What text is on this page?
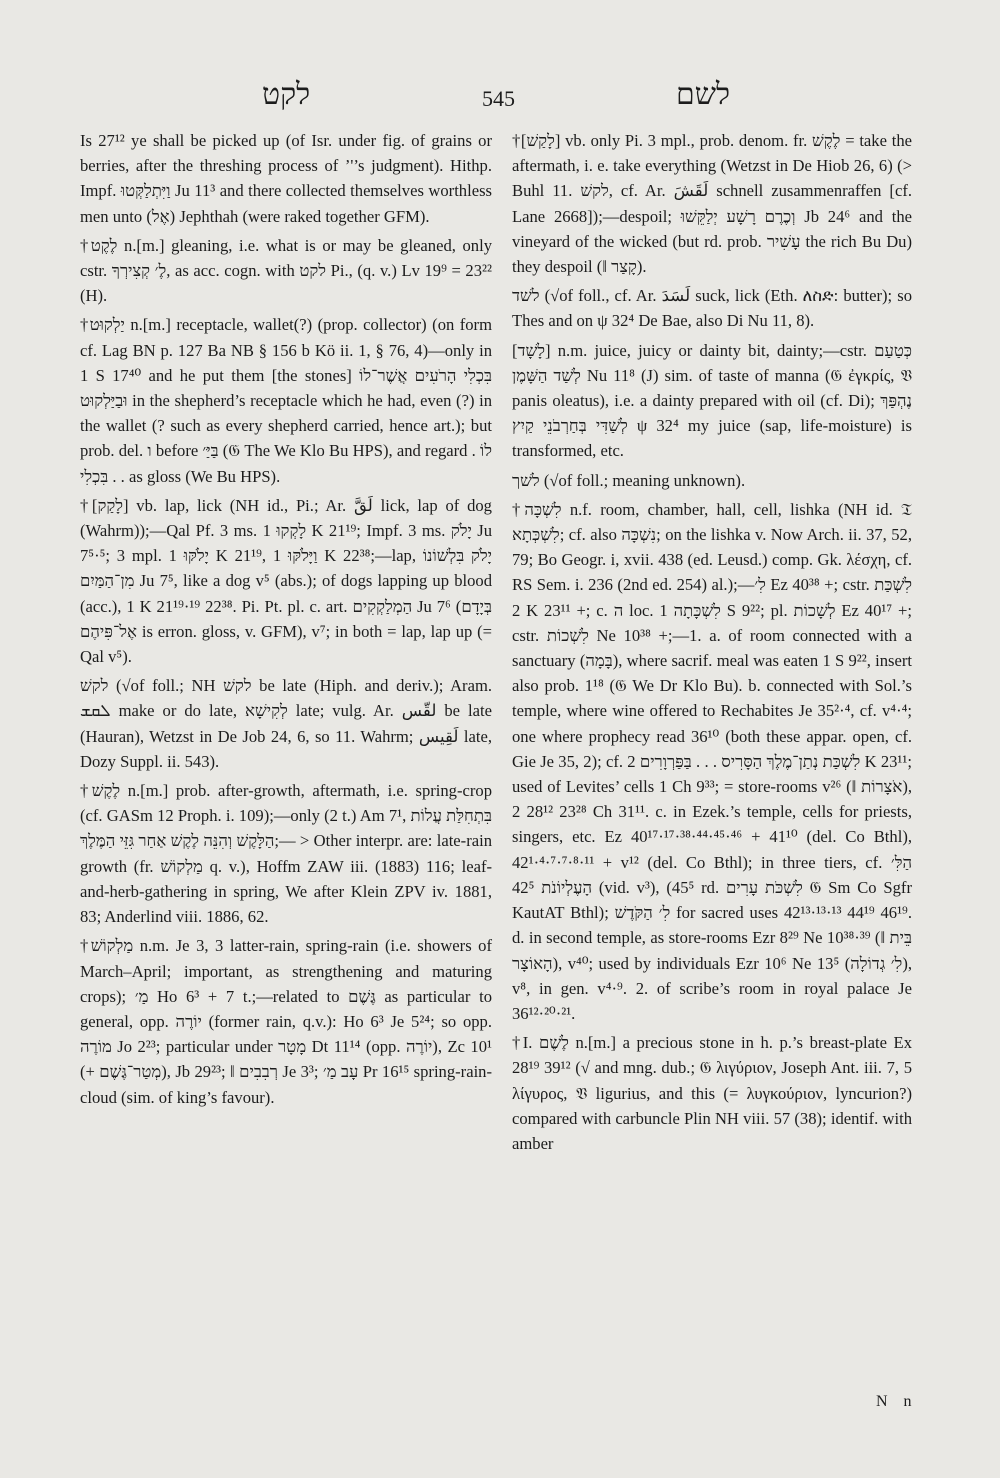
לקט	545	לשם

Is 27¹² ye shall be picked up (of Isr. under fig. of grains or berries, after the threshing process of ’'’s judgment). Hithp. Impf. וַיִּתְלַקְּטוּ Ju 11³ and there collected themselves worthless men unto (אֶל) Jephthah (were raked together GFM).

†לֶקֶט n.[m.] gleaning, i.e. what is or may be gleaned, only cstr. לֶ׳ קְצִירְךָ, as acc. cogn. with לקט Pi., (q. v.) Lv 19⁹ = 23²² (H).

†יַלְקוּט n.[m.] receptacle, wallet(?) (prop. collector) (on form cf. Lag BN p. 127 Ba NB § 156 b Kö ii. 1, § 76, 4)—only in 1 S 17⁴⁰ and he put them [the stones] בִּכְלִי הָרֹעִים אֲשֶׁר־לוֹ וּבַיַּלְקוּט in the shepherd’s receptacle which he had, even (?) in the wallet (? such as every shepherd carried, hence art.); but prob. del. ו before בַּיַּ׳ (𝔊 The We Klo Bu HPS), and regard לוֹ . . . בִּכְלִי as gloss (We Bu HPS).

†[לָקַק] vb. lap, lick (NH id., Pi.; Ar. لَقَّ lick, lap of dog (Wahrm));—Qal Pf. 3 ms. לָקְקוּ 1 K 21¹⁹; Impf. 3 ms. יָלֹק Ju 7⁵·⁵; 3 mpl. יָלֹקּוּ 1 K 21¹⁹, וַיָּלֹקּוּ 1 K 22³⁸;—lap, יָלֹק בִּלְשׁוֹנוֹ מִן־הַמַּיִם Ju 7⁵, like a dog v⁵ (abs.); of dogs lapping up blood (acc.), 1 K 21¹⁹·¹⁹ 22³⁸. Pi. Pt. pl. c. art. הַמְלַקְקִים Ju 7⁶ (בְּיָדָם אֶל־פִּיהֶם is erron. gloss, v. GFM), v⁷; in both = lap, lap up (= Qal v⁵).

לקשׁ (√of foll.; NH לקשׁ be late (Hiph. and deriv.); Aram. ܠܩܫ make or do late, לְקִישָׁא late; vulg. Ar. لقّس be late (Hauran), Wetzst in De Job 24, 6, so 11. Wahrm; لَقِيس late, Dozy Suppl. ii. 543).

†לֶקֶשׁ n.[m.] prob. after-growth, aftermath, i.e. spring-crop (cf. GASm 12 Proph. i. 109);—only (2 t.) Am 7¹, בִּתְחִלַּת עֲלוֹת הַלָּקֶשׁ וְהִנֵּה לֶקֶשׁ אַחַר גִּזֵּי הַמֶּלֶךְ;— > Other interpr. are: late-rain growth (fr. מַלְקוֹשׁ q. v.), Hoffm ZAW iii. (1883) 116; leaf-and-herb-gathering in spring, We after Klein ZPV iv. 1881, 83; Anderlind viii. 1886, 62.

†מַלְקוֹשׁ n.m. Je 3, 3 latter-rain, spring-rain (i.e. showers of March–April; important, as strengthening and maturing crops); מַ׳ Ho 6³ + 7 t.;—related to גֶּשֶׁם as particular to general, opp. יוֹרֶה (former rain, q.v.): Ho 6³ Je 5²⁴; so opp. מוֹרֶה Jo 2²³; particular under מָטָר Dt 11¹⁴ (opp. יוֹרֶה), Zc 10¹ (+ מְטַר־גֶּשֶׁם), Jb 29²³; ‖ רְבִבִים Je 3³; עָב מַ׳ Pr 16¹⁵ spring-rain-cloud (sim. of king’s favour).

†[לָקַשׁ] vb. only Pi. 3 mpl., prob. denom. fr. לֶקֶשׁ = take the aftermath, i. e. take everything (Wetzst in De Hiob 26, 6) (> Buhl 11. לקשׁ, cf. Ar. لَقَشَ schnell zusammenraffen [cf. Lane 2668]);—despoil; וְכֶרֶם רָשָׁע יְלַקֵּשׁוּ Jb 24⁶ and the vineyard of the wicked (but rd. prob. עָשִׁיר the rich Bu Du) they despoil (‖ קָצַר).

לשׁד (√of foll., cf. Ar. لَسَدَ suck, lick (Eth. ለስድ: butter); so Thes and on ψ 32⁴ De Bae, also Di Nu 11, 8).

[לָשָׁד] n.m. juice, juicy or dainty bit, dainty;—cstr. כְּטַעַם לְשַׁד הַשָּׁמֶן Nu 11⁸ (J) sim. of taste of manna (𝔊 ἐγκρίς, 𝔙 panis oleatus), i.e. a dainty prepared with oil (cf. Di); נֶהְפַּךְ לְשַׁדִּי בְּחַרְבֹנֵי קַיִץ ψ 32⁴ my juice (sap, life-moisture) is transformed, etc.

לשׁך (√of foll.; meaning unknown).

†לִשְׁכָּה n.f. room, chamber, hall, cell, lishka (NH id. 𝔗 לִשְׁכְּתָא; cf. also נִשְׁכָּה; on the lishka v. Now Arch. ii. 37, 52, 79; Bo Geogr. i, xvii. 438 (ed. Leusd.) comp. Gk. λέσχη, cf. RS Sem. i. 236 (2nd ed. 254) al.);—לִ׳ Ez 40³⁸ +; cstr. לִשְׁכַּת 2 K 23¹¹ +; c. ה loc. לִשְׁכָּתָה 1 S 9²²; pl. לְשָׁכוֹת Ez 40¹⁷ +; cstr. לִשְׁכוֹת Ne 10³⁸ +;—1. a. of room connected with a sanctuary (בָּמָה), where sacrif. meal was eaten 1 S 9²², insert also prob. 1¹⁸ (𝔊 We Dr Klo Bu). b. connected with Sol.’s temple, where wine offered to Rechabites Je 35²·⁴, cf. v⁴·⁴; one where prophecy read 36¹⁰ (both these appar. open, cf. Gie Je 35, 2); cf. לִשְׁכַּת נְתַן־מֶלֶךְ הַסָּרִיס . . . בַּפַּרְוָרִים 2 K 23¹¹; used of Levites’ cells 1 Ch 9³³; = store-rooms v²⁶ (‖ אֹצָרוֹת), 23²⁸ 28¹² 2 Ch 31¹¹. c. in Ezek.’s temple, cells for priests, singers, etc. Ez 40¹⁷·¹⁷·³⁸·⁴⁴·⁴⁵·⁴⁶ + 41¹⁰ (del. Co Bthl), 42¹·⁴·⁷·⁷·⁸·¹¹ + v¹² (del. Co Bthl); in three tiers, cf. הַלִּ׳ הָעֶלְיוֹנֹת 42⁵ (vid. v³), (45⁵ rd. לִשְׁכֹּת עָרִים 𝔊 Sm Co Sgfr KautAT Bthl); לִ׳ הַקֹּדֶשׁ for sacred uses 42¹³·¹³·¹³ 44¹⁹ 46¹⁹. d. in second temple, as store-rooms Ezr 8²⁹ Ne 10³⁸·³⁹ (‖ בֵּית הָאוֹצָר), v⁴⁰; used by individuals Ezr 10⁶ Ne 13⁵ (לִ׳ גְדוֹלָה), v⁸, in gen. v⁴·⁹. 2. of scribe’s room in royal palace Je 36¹²·²⁰·²¹.

†I. לֶשֶׁם n.[m.] a precious stone in h. p.’s breast-plate Ex 28¹⁹ 39¹² (√ and mng. dub.; 𝔊 λιγύριον, Joseph Ant. iii. 7, 5 λίγυρος, 𝔙 ligurius, and this (= λυγκούριον, lyncurion?) compared with carbuncle Plin NH viii. 57 (38); identif. with amber

N n
